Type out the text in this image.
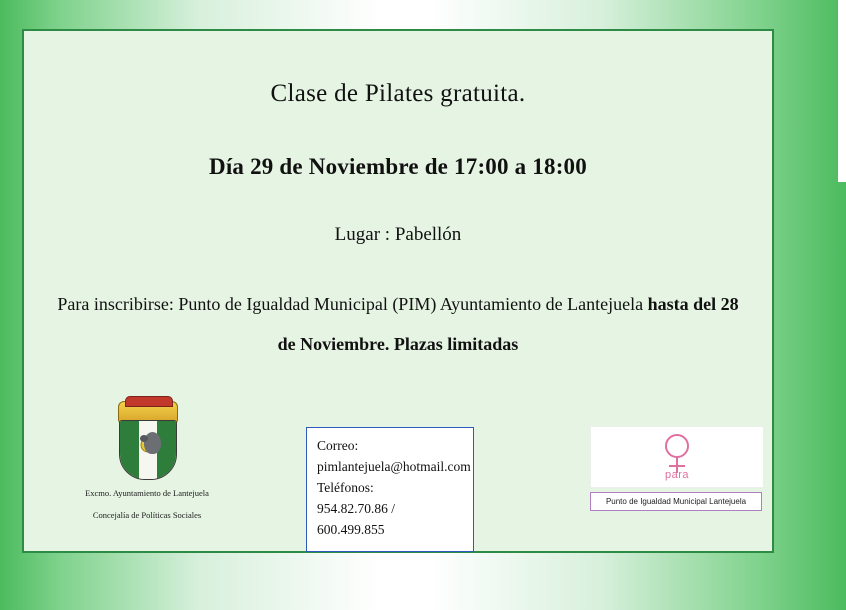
Clase de Pilates gratuita.
Día 29 de Noviembre de 17:00 a 18:00
Lugar : Pabellón
Para inscribirse: Punto de Igualdad Municipal (PIM) Ayuntamiento de Lantejuela hasta del 28 de Noviembre. Plazas limitadas
Excmo. Ayuntamiento de Lantejuela
Concejalía de Políticas Sociales
Correo:
pimlantejuela@hotmail.com
Teléfonos:
954.82.70.86 / 600.499.855
para
Punto de Igualdad Municipal Lantejuela
